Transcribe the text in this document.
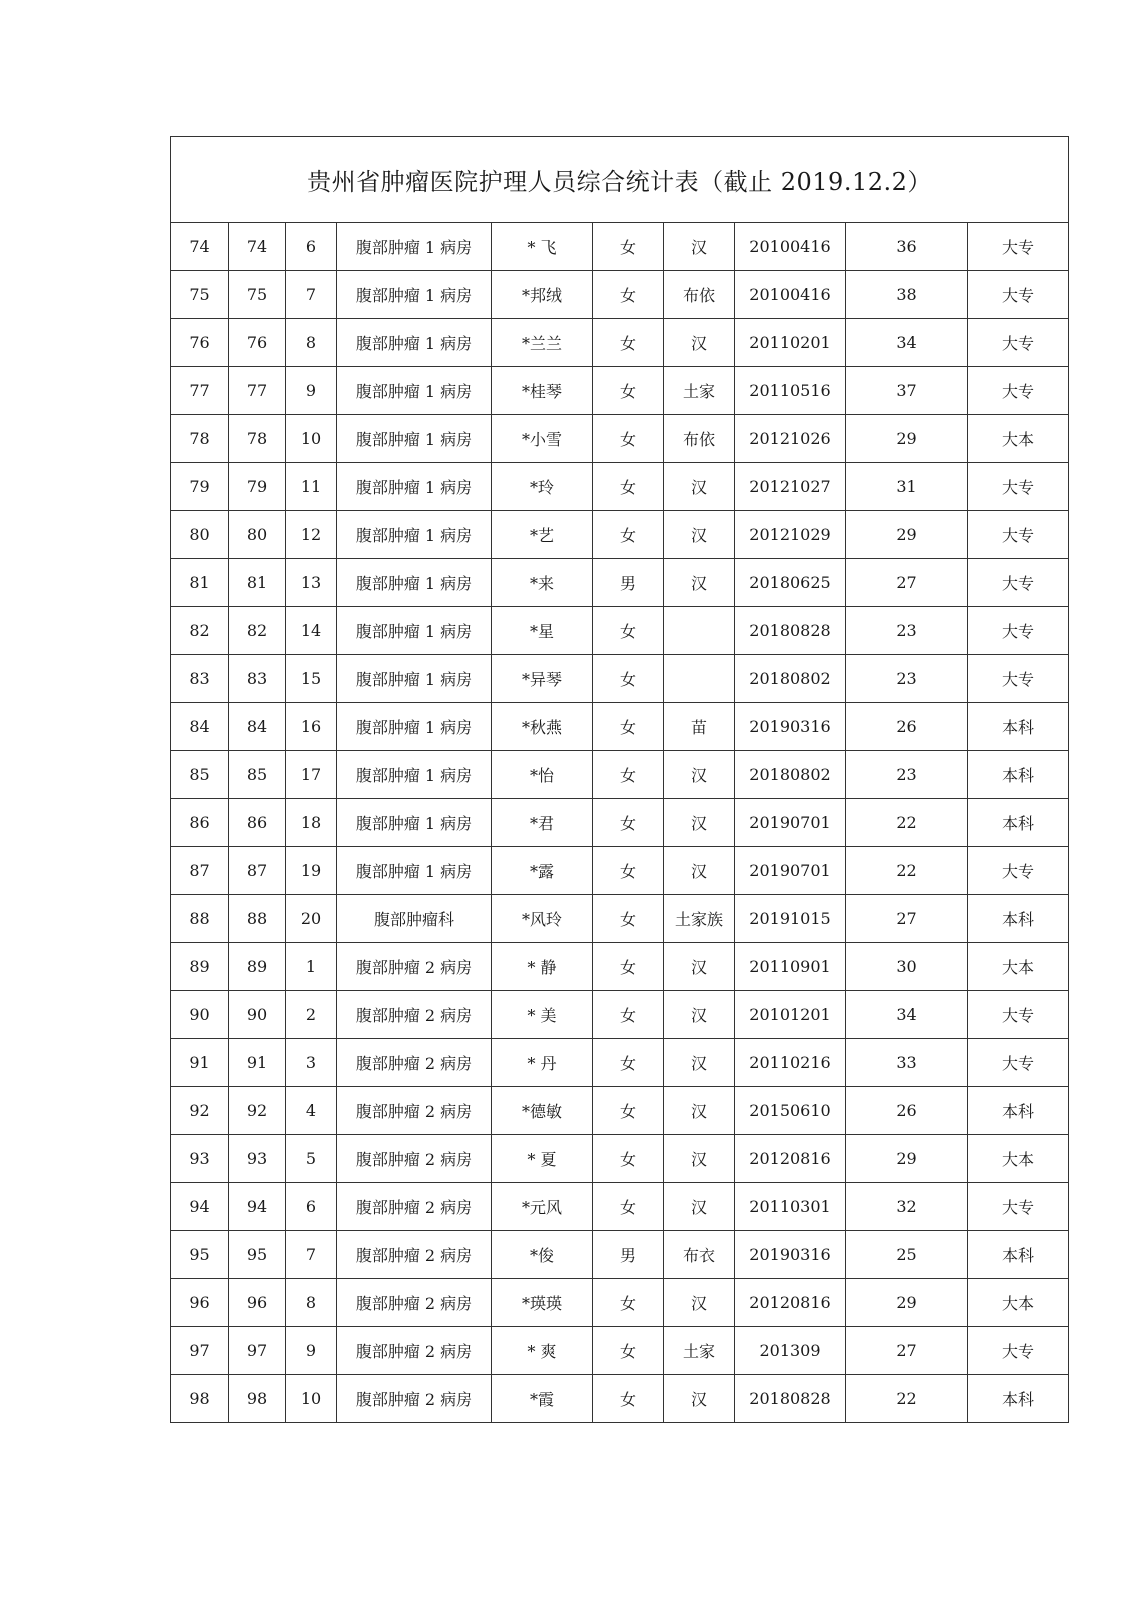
贵州省肿瘤医院护理人员综合统计表（截止 2019.12.2）									
74	74	6	腹部肿瘤 1 病房	* 飞	女	汉	20100416	36	大专
75	75	7	腹部肿瘤 1 病房	*邦绒	女	布依	20100416	38	大专
76	76	8	腹部肿瘤 1 病房	*兰兰	女	汉	20110201	34	大专
77	77	9	腹部肿瘤 1 病房	*桂琴	女	土家	20110516	37	大专
78	78	10	腹部肿瘤 1 病房	*小雪	女	布依	20121026	29	大本
79	79	11	腹部肿瘤 1 病房	*玲	女	汉	20121027	31	大专
80	80	12	腹部肿瘤 1 病房	*艺	女	汉	20121029	29	大专
81	81	13	腹部肿瘤 1 病房	*来	男	汉	20180625	27	大专
82	82	14	腹部肿瘤 1 病房	*星	女		20180828	23	大专
83	83	15	腹部肿瘤 1 病房	*异琴	女		20180802	23	大专
84	84	16	腹部肿瘤 1 病房	*秋燕	女	苗	20190316	26	本科
85	85	17	腹部肿瘤 1 病房	*怡	女	汉	20180802	23	本科
86	86	18	腹部肿瘤 1 病房	*君	女	汉	20190701	22	本科
87	87	19	腹部肿瘤 1 病房	*露	女	汉	20190701	22	大专
88	88	20	腹部肿瘤科	*风玲	女	土家族	20191015	27	本科
89	89	1	腹部肿瘤 2 病房	* 静	女	汉	20110901	30	大本
90	90	2	腹部肿瘤 2 病房	* 美	女	汉	20101201	34	大专
91	91	3	腹部肿瘤 2 病房	* 丹	女	汉	20110216	33	大专
92	92	4	腹部肿瘤 2 病房	*德敏	女	汉	20150610	26	本科
93	93	5	腹部肿瘤 2 病房	* 夏	女	汉	20120816	29	大本
94	94	6	腹部肿瘤 2 病房	*元风	女	汉	20110301	32	大专
95	95	7	腹部肿瘤 2 病房	*俊	男	布衣	20190316	25	本科
96	96	8	腹部肿瘤 2 病房	*瑛瑛	女	汉	20120816	29	大本
97	97	9	腹部肿瘤 2 病房	* 爽	女	土家	201309	27	大专
98	98	10	腹部肿瘤 2 病房	*霞	女	汉	20180828	22	本科
